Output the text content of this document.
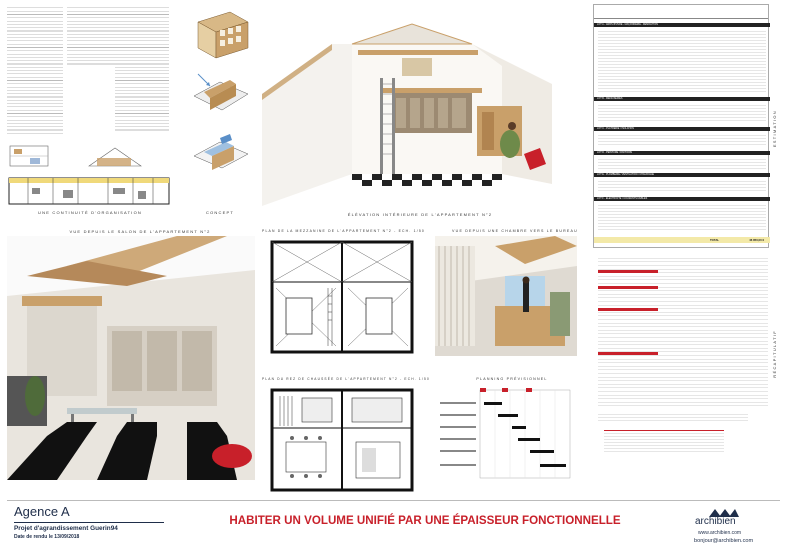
UNE CONTINUITÉ D'ORGANISATION	CONCEPT	ÉLÉVATION INTÉRIEURE DE L'APPARTEMENT N°2
VUE DEPUIS LE SALON DE L'APPARTEMENT N°2	PLAN DE LA MEZZANINE DE L'APPARTEMENT N°2 - ECH. 1/50	VUE DEPUIS UNE CHAMBRE VERS LE BUREAU
PLAN DU REZ DE CHAUSSÉE DE L'APPARTEMENT N°2 - ECH. 1/50	PLANNING PRÉVISIONNEL
LOT A - GROS ŒUVRE - MAÇONNERIE - DÉMOLITION
LOT B - MENUISERIES
LOT C - PLÂTRERIE / ISOLATION
LOT D - PEINTURE / FINITIONS
LOT E - PLOMBERIE / VENTILATION / CHAUFFAGE
LOT F - ÉLECTRICITÉ / COURANTS FAIBLES
TOTAL	46 850,00 €
ESTIMATION
RÉCAPITULATIF
Agence A
Projet d'agrandissement Guerin94
Date de rendu le 13/09/2018
HABITER UN VOLUME UNIFIÉ PAR UNE ÉPAISSEUR FONCTIONNELLE	archibien
www.archibien.com
bonjour@archibien.com
